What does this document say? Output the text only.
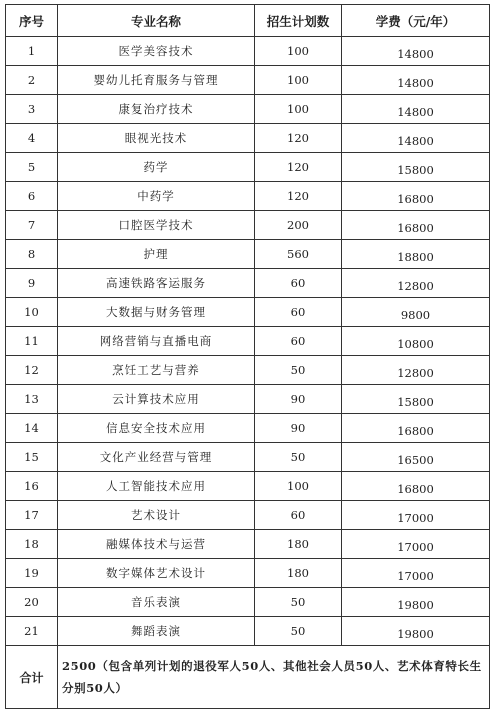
序号	专业名称	招生计划数	学费（元/年）
1	医学美容技术	100	14800
2	婴幼儿托育服务与管理	100	14800
3	康复治疗技术	100	14800
4	眼视光技术	120	14800
5	药学	120	15800
6	中药学	120	16800
7	口腔医学技术	200	16800
8	护理	560	18800
9	高速铁路客运服务	60	12800
10	大数据与财务管理	60	9800
11	网络营销与直播电商	60	10800
12	烹饪工艺与营养	50	12800
13	云计算技术应用	90	15800
14	信息安全技术应用	90	16800
15	文化产业经营与管理	50	16500
16	人工智能技术应用	100	16800
17	艺术设计	60	17000
18	融媒体技术与运营	180	17000
19	数字媒体艺术设计	180	17000
20	音乐表演	50	19800
21	舞蹈表演	50	19800
合计	2500（包含单列计划的退役军人50人、其他社会人员50人、艺术体育特长生分别50人）		
